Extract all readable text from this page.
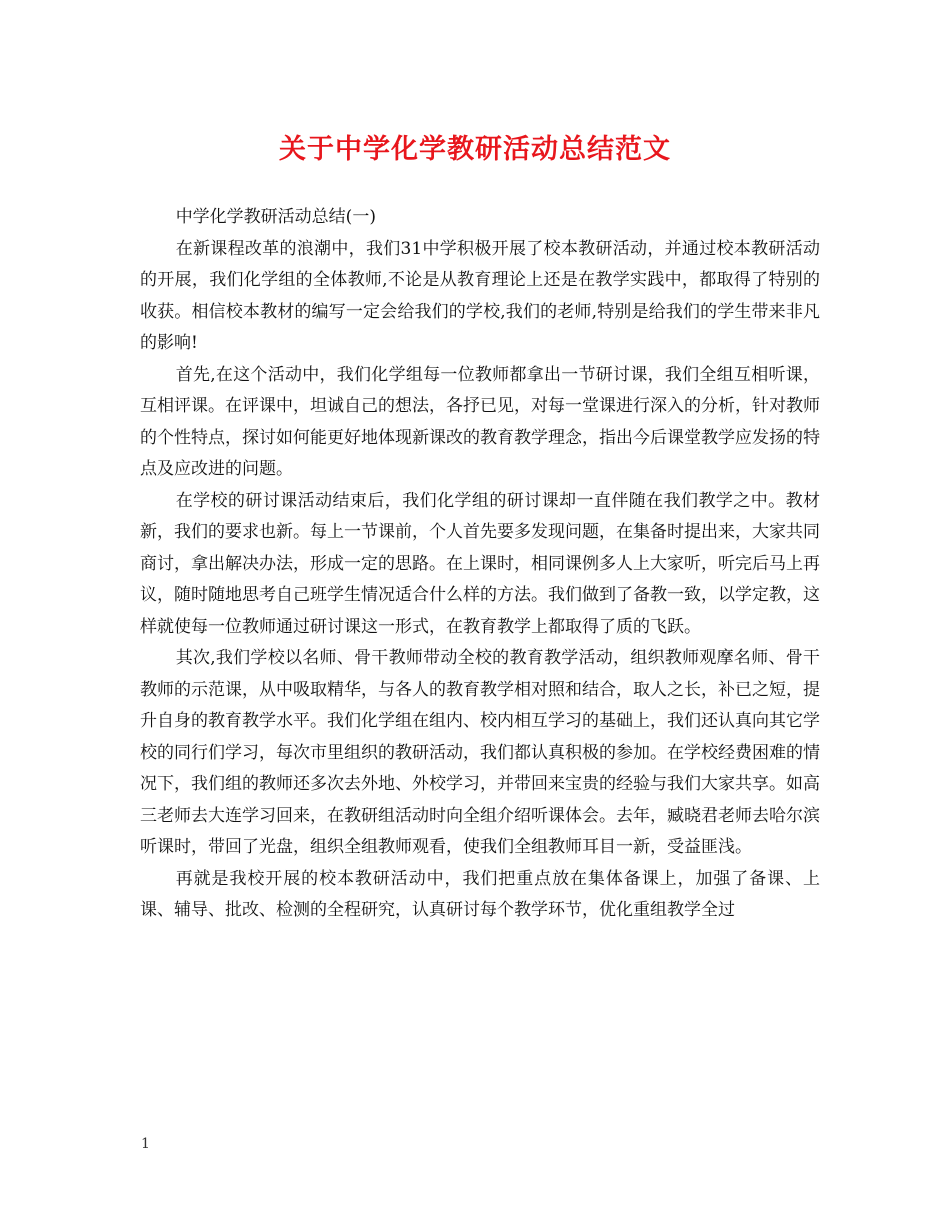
关于中学化学教研活动总结范文

中学化学教研活动总结(一)

在新课程改革的浪潮中，我们31中学积极开展了校本教研活动，并通过校本教研活动的开展，我们化学组的全体教师,不论是从教育理论上还是在教学实践中，都取得了特别的收获。相信校本教材的编写一定会给我们的学校,我们的老师,特别是给我们的学生带来非凡的影响!

首先,在这个活动中，我们化学组每一位教师都拿出一节研讨课，我们全组互相听课，互相评课。在评课中，坦诚自己的想法，各抒已见，对每一堂课进行深入的分析，针对教师的个性特点，探讨如何能更好地体现新课改的教育教学理念，指出今后课堂教学应发扬的特点及应改进的问题。

在学校的研讨课活动结束后，我们化学组的研讨课却一直伴随在我们教学之中。教材新，我们的要求也新。每上一节课前，个人首先要多发现问题，在集备时提出来，大家共同商讨，拿出解决办法，形成一定的思路。在上课时，相同课例多人上大家听，听完后马上再议，随时随地思考自己班学生情况适合什么样的方法。我们做到了备教一致，以学定教，这样就使每一位教师通过研讨课这一形式，在教育教学上都取得了质的飞跃。

其次,我们学校以名师、骨干教师带动全校的教育教学活动，组织教师观摩名师、骨干教师的示范课，从中吸取精华，与各人的教育教学相对照和结合，取人之长，补已之短，提升自身的教育教学水平。我们化学组在组内、校内相互学习的基础上，我们还认真向其它学校的同行们学习，每次市里组织的教研活动，我们都认真积极的参加。在学校经费困难的情况下，我们组的教师还多次去外地、外校学习，并带回来宝贵的经验与我们大家共享。如高三老师去大连学习回来，在教研组活动时向全组介绍听课体会。去年，臧晓君老师去哈尔滨听课时，带回了光盘，组织全组教师观看，使我们全组教师耳目一新，受益匪浅。

再就是我校开展的校本教研活动中，我们把重点放在集体备课上，加强了备课、上课、辅导、批改、检测的全程研究，认真研讨每个教学环节，优化重组教学全过

1
